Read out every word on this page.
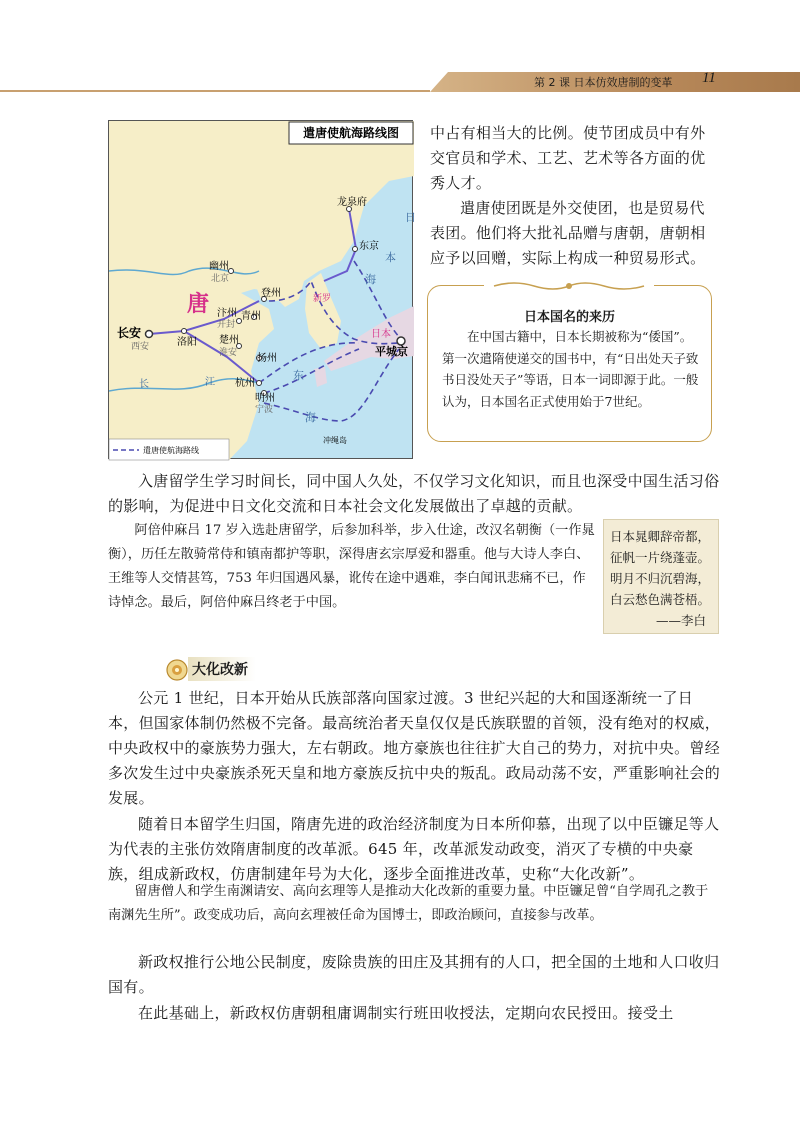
第 2 课 日本仿效唐制的变革 11
遣唐使航海路线图
龙泉府
东京
幽州
北京
登州
汴州
开封
青州
唐
长安
西安	洛阳 楚州
淮安 扬州
杭州
明州
宁波
新罗
日本
平城京
冲绳岛
日
本
海
东
海
长	江
遣唐使航海路线
中占有相当大的比例。使节团成员中有外交官员和学术、工艺、艺术等各方面的优秀人才。
遣唐使团既是外交使团，也是贸易代表团。他们将大批礼品赠与唐朝，唐朝相应予以回赠，实际上构成一种贸易形式。
日本国名的来历
在中国古籍中，日本长期被称为“倭国”。第一次遣隋使递交的国书中，有“日出处天子致书日没处天子”等语，日本一词即源于此。一般认为，日本国名正式使用始于7世纪。
入唐留学生学习时间长，同中国人久处，不仅学习文化知识，而且也深受中国生活习俗的影响，为促进中日文化交流和日本社会文化发展做出了卓越的贡献。
阿倍仲麻吕 17 岁入选赴唐留学，后参加科举，步入仕途，改汉名朝衡（一作晁衡），历任左散骑常侍和镇南都护等职，深得唐玄宗厚爱和器重。他与大诗人李白、王维等人交情甚笃，753 年归国遇风暴，讹传在途中遇难，李白闻讯悲痛不已，作诗悼念。最后，阿倍仲麻吕终老于中国。
日本晁卿辞帝都，
征帆一片绕蓬壶。
明月不归沉碧海，
白云愁色满苍梧。
——李白
大化改新
公元 1 世纪，日本开始从氏族部落向国家过渡。3 世纪兴起的大和国逐渐统一了日本，但国家体制仍然极不完备。最高统治者天皇仅仅是氏族联盟的首领，没有绝对的权威，中央政权中的豪族势力强大，左右朝政。地方豪族也往往扩大自己的势力，对抗中央。曾经多次发生过中央豪族杀死天皇和地方豪族反抗中央的叛乱。政局动荡不安，严重影响社会的发展。
随着日本留学生归国，隋唐先进的政治经济制度为日本所仰慕，出现了以中臣镰足等人为代表的主张仿效隋唐制度的改革派。645 年，改革派发动政变，消灭了专横的中央豪族，组成新政权，仿唐制建年号为大化，逐步全面推进改革，史称“大化改新”。
留唐僧人和学生南渊请安、高向玄理等人是推动大化改新的重要力量。中臣镰足曾“自学周孔之教于南渊先生所”。政变成功后，高向玄理被任命为国博士，即政治顾问，直接参与改革。
新政权推行公地公民制度，废除贵族的田庄及其拥有的人口，把全国的土地和人口收归国有。
在此基础上，新政权仿唐朝租庸调制实行班田收授法，定期向农民授田。接受土
